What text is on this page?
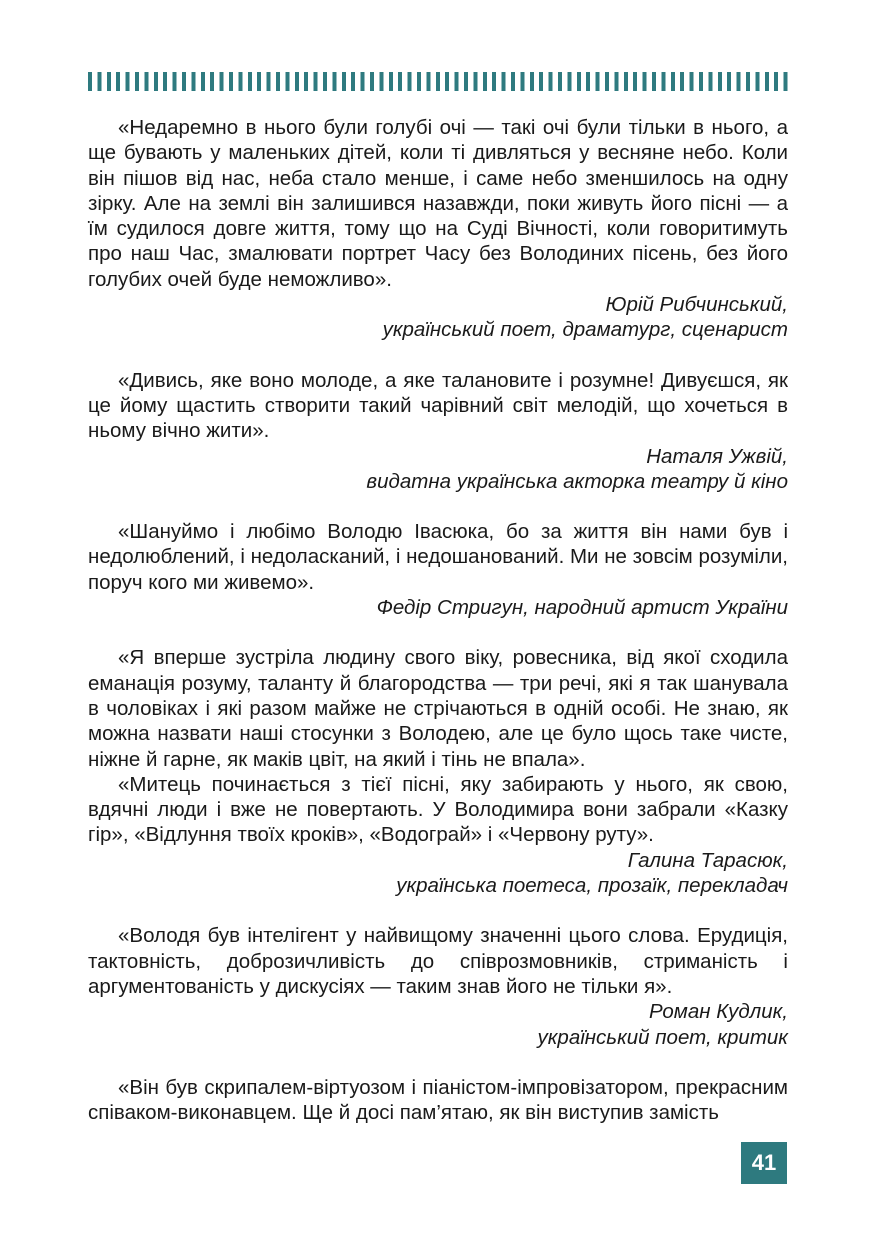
«Недаремно в нього були голубі очі — такі очі були тільки в нього, а ще бувають у маленьких дітей, коли ті дивляться у весняне небо. Коли він пішов від нас, неба стало менше, і саме небо зменшилось на одну зірку. Але на землі він залишився назавжди, поки живуть його пісні — а їм судилося довге життя, тому що на Суді Вічності, коли говоритимуть про наш Час, змалювати портрет Часу без Володиних пісень, без його голубих очей буде неможливо».

Юрій Рибчинський,

український поет, драматург, сценарист

«Дивись, яке воно молоде, а яке талановите і розумне! Дивуєшся, як це йому щастить створити такий чарівний світ мелодій, що хочеться в ньому вічно жити».

Наталя Ужвій,

видатна українська акторка театру й кіно

«Шануймо і любімо Володю Івасюка, бо за життя він нами був і недолюблений, і недоласканий, і недошанований. Ми не зовсім розуміли, поруч кого ми живемо».

Федір Стригун, народний артист України

«Я вперше зустріла людину свого віку, ровесника, від якої сходила еманація розуму, таланту й благородства — три речі, які я так шанувала в чоловіках і які разом майже не стрічаються в одній особі. Не знаю, як можна назвати наші стосунки з Володею, але це було щось таке чисте, ніжне й гарне, як маків цвіт, на який і тінь не впала».

«Митець починається з тієї пісні, яку забирають у нього, як свою, вдячні люди і вже не повертають. У Володимира вони забрали «Казку гір», «Відлуння твоїх кроків», «Водограй» і «Червону руту».

Галина Тарасюк,

українська поетеса, прозаїк, перекладач

«Володя був інтелігент у найвищому значенні цього слова. Ерудиція, тактовність, доброзичливість до співрозмовників, стриманість і аргументованість у дискусіях — таким знав його не тільки я».

Роман Кудлик,

український поет, критик

«Він був скрипалем-віртуозом і піаністом-імпровізатором, прекрасним співаком-виконавцем. Ще й досі пам’ятаю, як він виступив замість

41
